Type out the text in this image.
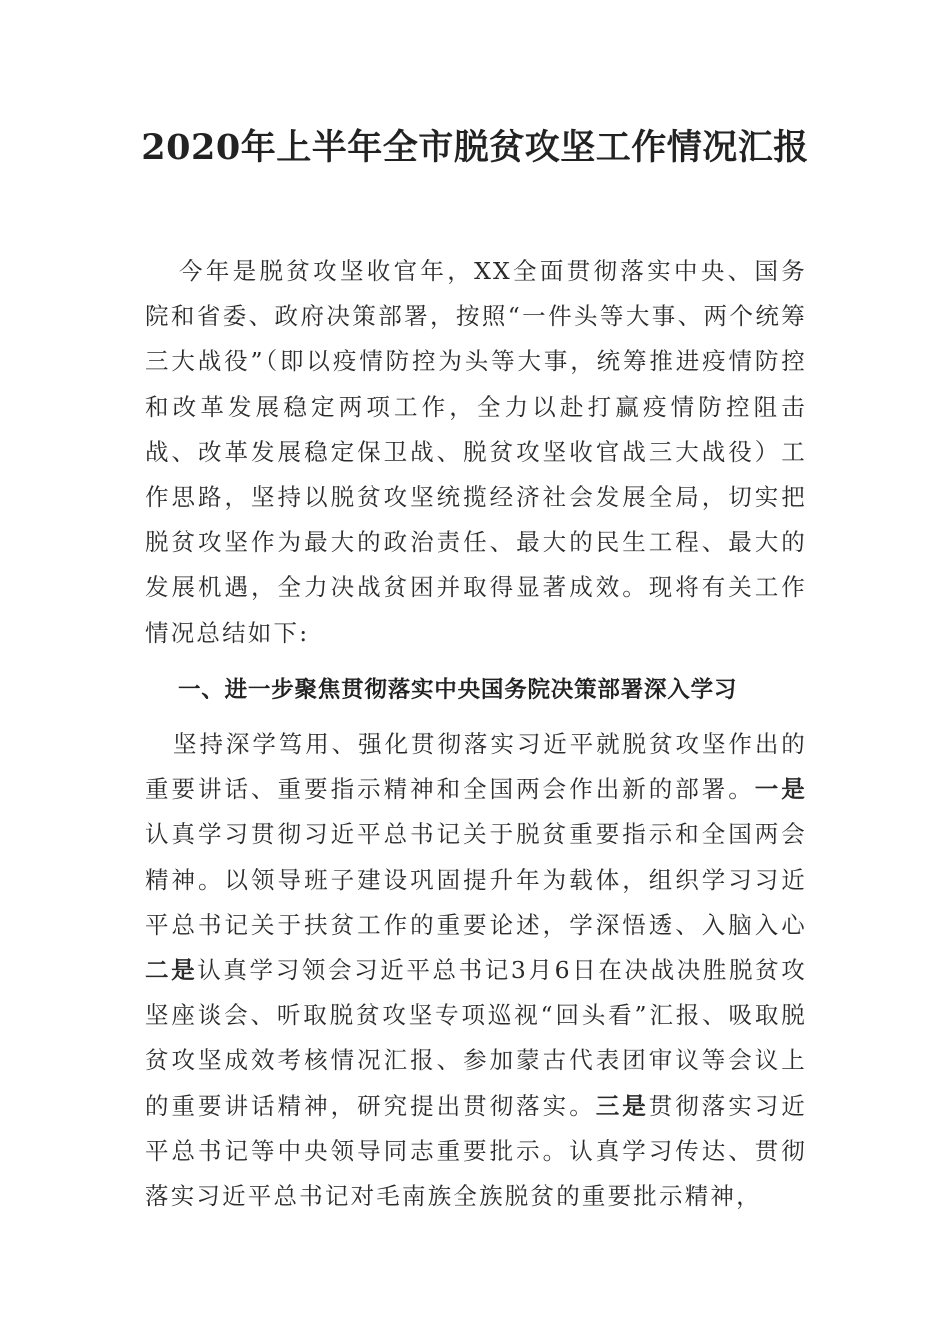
2020年上半年全市脱贫攻坚工作情况汇报

今年是脱贫攻坚收官年，XX全面贯彻落实中央、国务院和省委、政府决策部署，按照“一件头等大事、两个统筹三大战役”（即以疫情防控为头等大事，统筹推进疫情防控和改革发展稳定两项工作，全力以赴打赢疫情防控阻击战、改革发展稳定保卫战、脱贫攻坚收官战三大战役）工作思路，坚持以脱贫攻坚统揽经济社会发展全局，切实把脱贫攻坚作为最大的政治责任、最大的民生工程、最大的发展机遇，全力决战贫困并取得显著成效。现将有关工作情况总结如下:

一、进一步聚焦贯彻落实中央国务院决策部署深入学习

坚持深学笃用、强化贯彻落实习近平就脱贫攻坚作出的重要讲话、重要指示精神和全国两会作出新的部署。一是认真学习贯彻习近平总书记关于脱贫重要指示和全国两会精神。以领导班子建设巩固提升年为载体，组织学习习近平总书记关于扶贫工作的重要论述，学深悟透、入脑入心二是认真学习领会习近平总书记3月6日在决战决胜脱贫攻坚座谈会、听取脱贫攻坚专项巡视“回头看”汇报、吸取脱贫攻坚成效考核情况汇报、参加蒙古代表团审议等会议上的重要讲话精神，研究提出贯彻落实。三是贯彻落实习近平总书记等中央领导同志重要批示。认真学习传达、贯彻落实习近平总书记对毛南族全族脱贫的重要批示精神，
